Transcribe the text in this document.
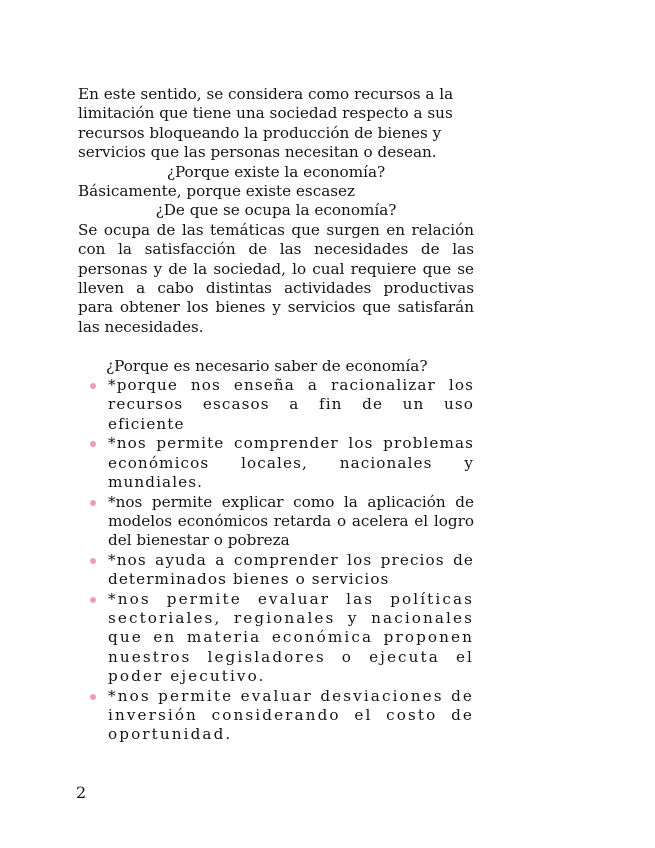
En este sentido, se considera como recursos a la limitación que tiene una sociedad respecto a sus recursos bloqueando la producción de bienes y servicios que las personas necesitan o desean.

¿Porque existe la economía?

Básicamente, porque existe escasez

¿De que se ocupa la economía?

Se ocupa de las temáticas que surgen en relación con la satisfacción de las necesidades de las personas y de la sociedad, lo cual requiere que se lleven a cabo distintas actividades productivas para obtener los bienes y servicios que satisfarán las necesidades.

¿Porque es necesario saber de economía?

*porque nos enseña a racionalizar los recursos escasos a fin de un uso eficiente
*nos permite comprender los problemas económicos locales, nacionales y mundiales.
*nos permite explicar como la aplicación de modelos económicos retarda o acelera el logro del bienestar o pobreza
*nos ayuda a comprender los precios de determinados bienes o servicios
*nos permite evaluar las políticas sectoriales, regionales y nacionales que en materia económica proponen nuestros legisladores o ejecuta el poder ejecutivo.
*nos permite evaluar desviaciones de inversión considerando el costo de oportunidad.
2
